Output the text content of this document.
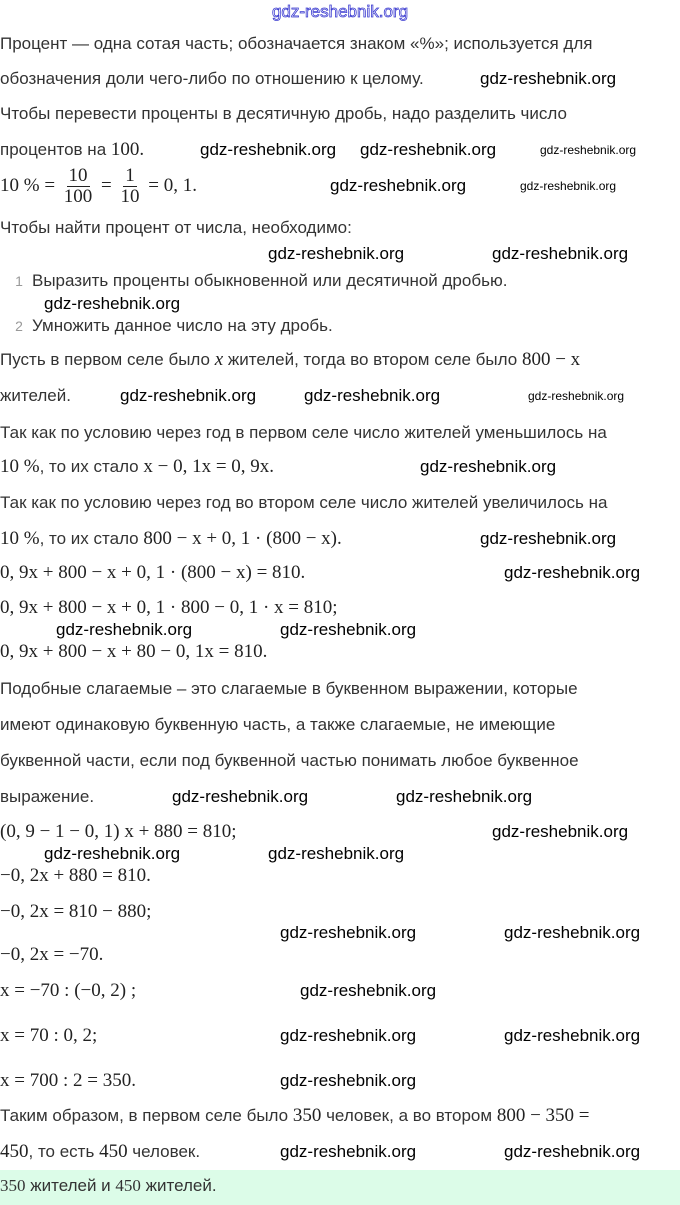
gdz-reshebnik.org
Процент — одна сотая часть; обозначается знаком «%»; используется для
обозначения доли чего-либо по отношению к целому.
Чтобы перевести проценты в десятичную дробь, надо разделить число
процентов на 100.
10 % = $\frac{10}{100} = \frac{1}{10} = 0$, 1.
Чтобы найти процент от числа, необходимо:
1 Выразить проценты обыкновенной или десятичной дробью.
2 Умножить данное число на эту дробь.
Пусть в первом селе было x жителей, тогда во втором селе было 800 − x
жителей.
Так как по условию через год в первом селе число жителей уменьшилось на
10 %, то их стало x − 0, 1x = 0, 9x.
Так как по условию через год во втором селе число жителей увеличилось на
10 %, то их стало 800 − x + 0, 1 · (800 − x).
0, 9x + 800 − x + 0, 1 · (800 − x) = 810.
0, 9x + 800 − x + 0, 1 · 800 − 0, 1 · x = 810;
0, 9x + 800 − x + 80 − 0, 1x = 810.
Подобные слагаемые – это слагаемые в буквенном выражении, которые
имеют одинаковую буквенную часть, а также слагаемые, не имеющие
буквенной части, если под буквенной частью понимать любое буквенное
выражение.
(0, 9 − 1 − 0, 1) x + 880 = 810;
−0, 2x + 880 = 810.
−0, 2x = 810 − 880;
−0, 2x = −70.
x = −70 : (−0, 2) ;
x = 70 : 0, 2;
x = 700 : 2 = 350.
Таким образом, в первом селе было 350 человек, а во втором 800 − 350 =
450, то есть 450 человек.
350 жителей и 450 жителей.
gdz-reshebnik.org
gdz-reshebnik.org gdz-reshebnik.org	gdz-reshebnik.org
gdz-reshebnik.org	gdz-reshebnik.org
gdz-reshebnik.org	gdz-reshebnik.org
gdz-reshebnik.org
gdz-reshebnik.org	gdz-reshebnik.org	gdz-reshebnik.org
gdz-reshebnik.org
gdz-reshebnik.org
gdz-reshebnik.org
gdz-reshebnik.org	gdz-reshebnik.org
gdz-reshebnik.org	gdz-reshebnik.org
gdz-reshebnik.org
gdz-reshebnik.org	gdz-reshebnik.org
gdz-reshebnik.org	gdz-reshebnik.org
gdz-reshebnik.org
gdz-reshebnik.org
gdz-reshebnik.org
gdz-reshebnik.org
gdz-reshebnik.org	gdz-reshebnik.org
